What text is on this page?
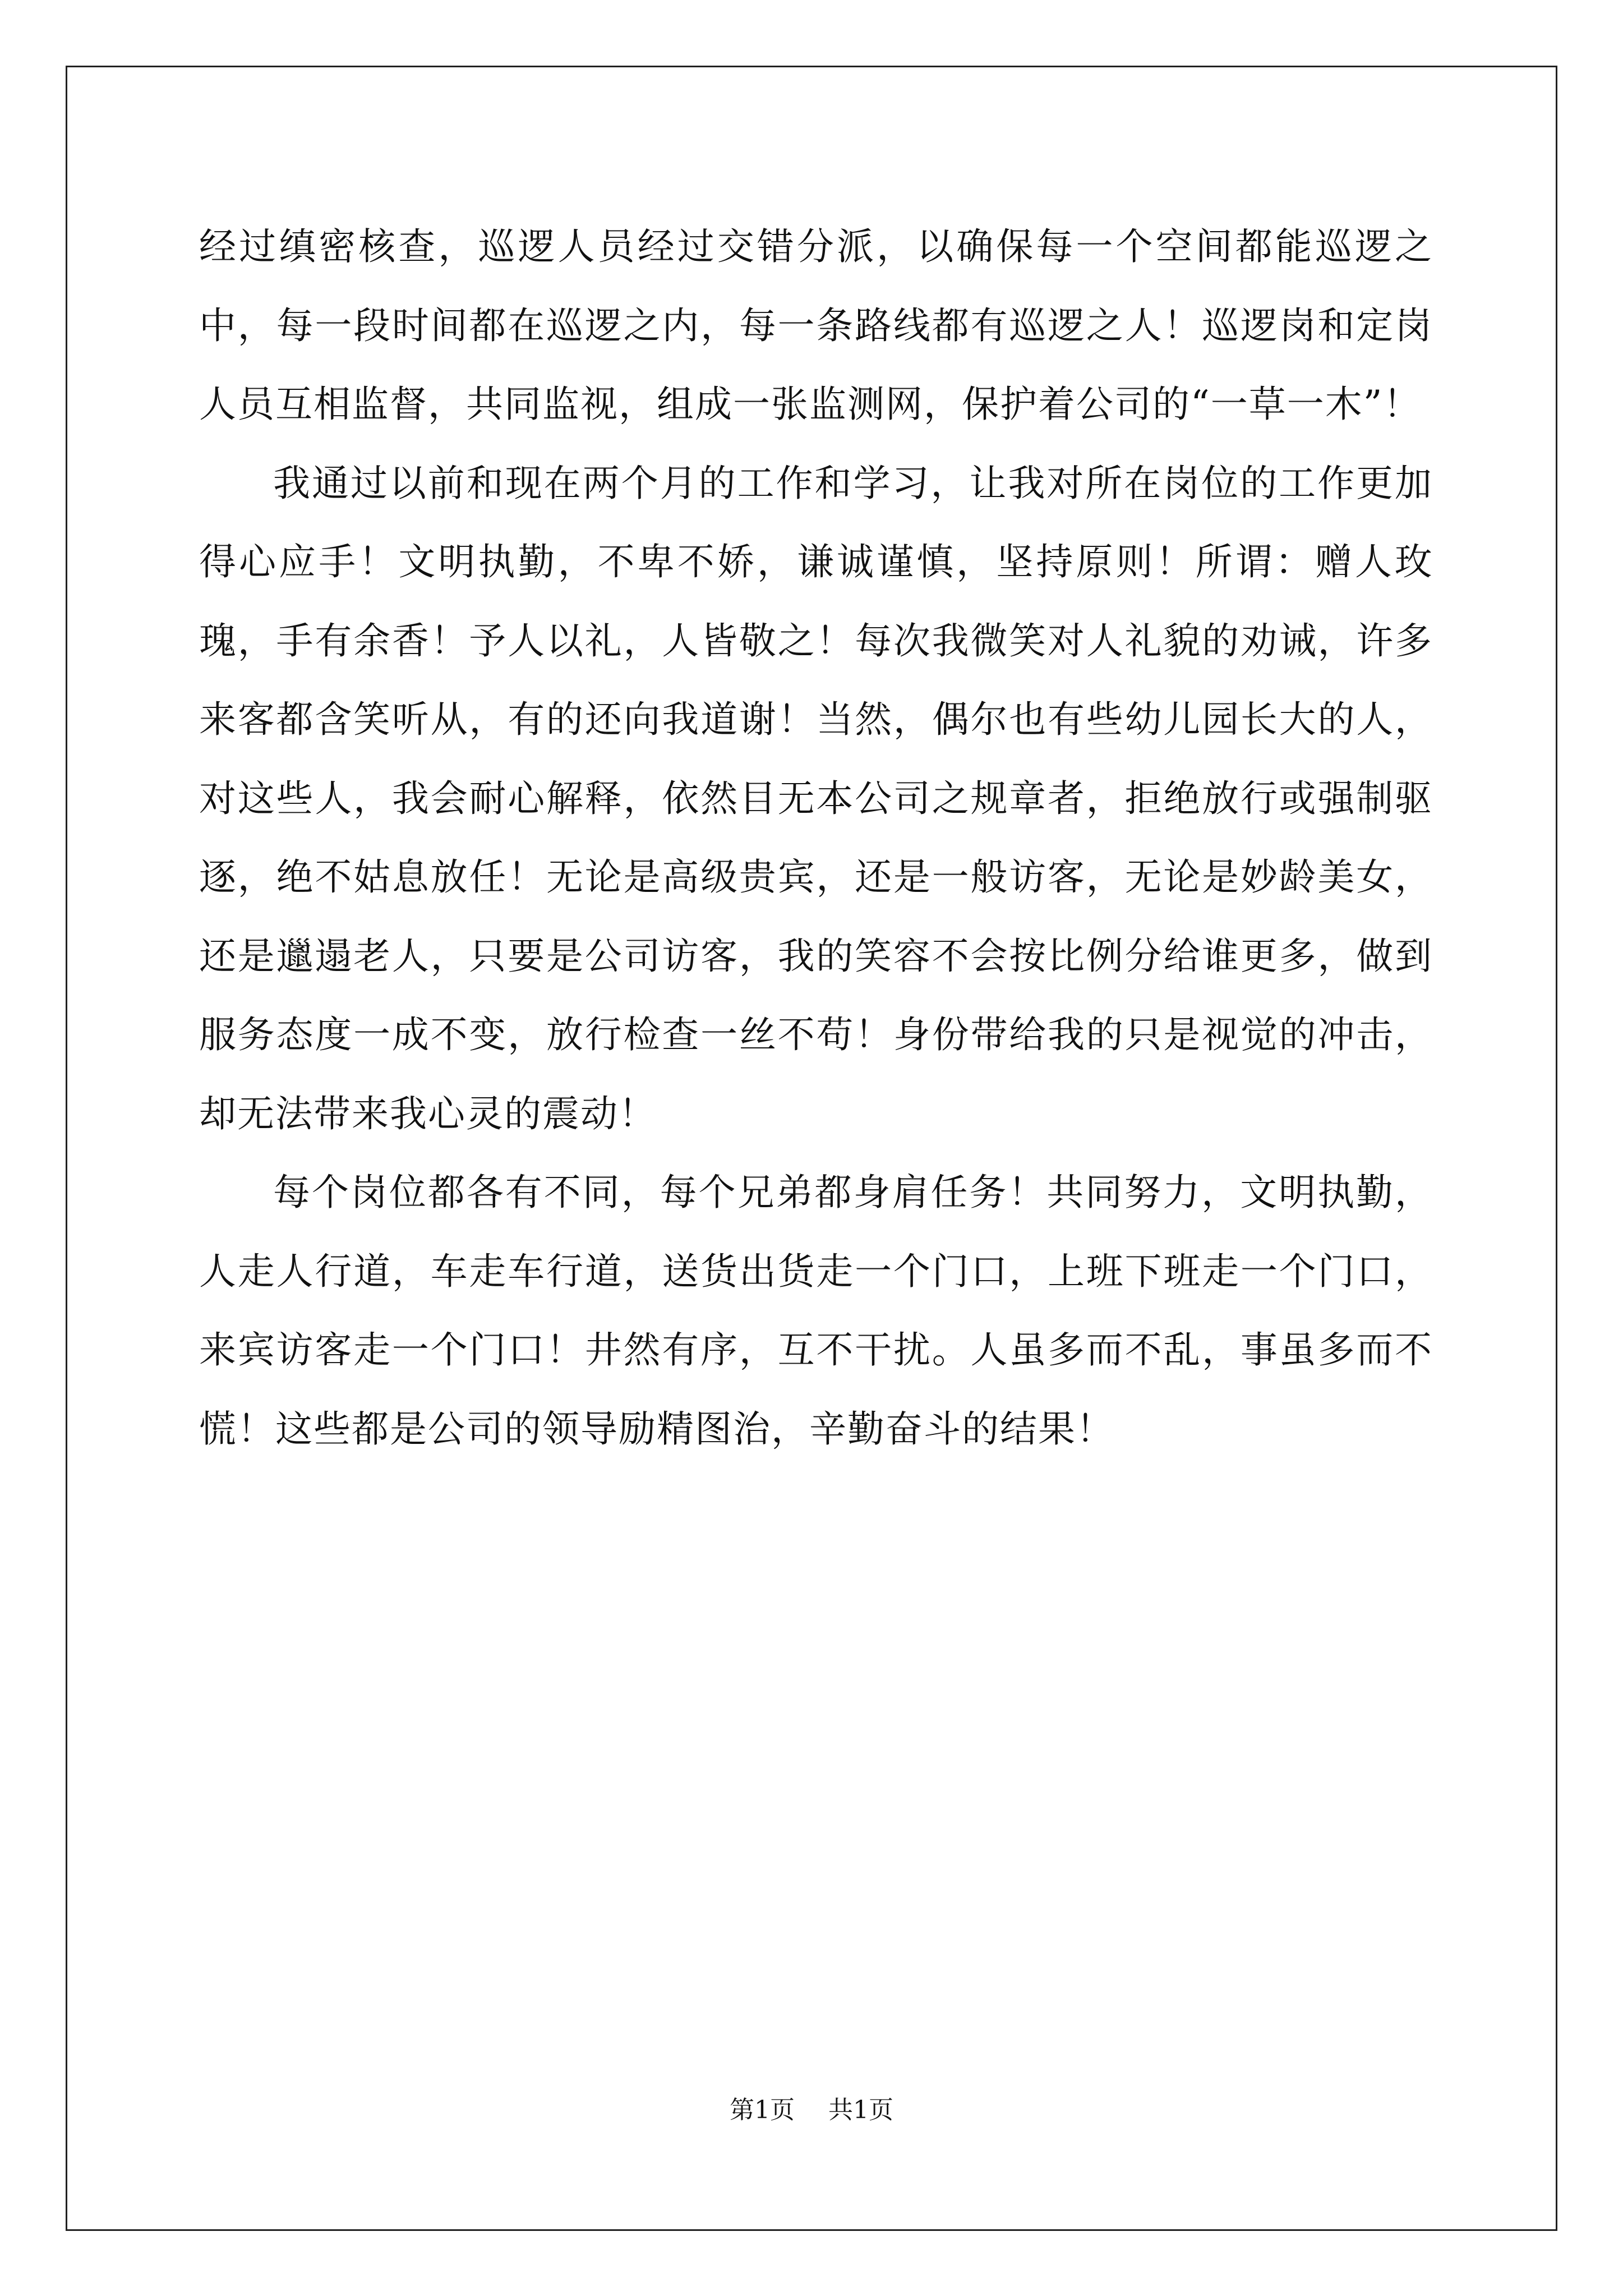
经过缜密核查，巡逻人员经过交错分派，以确保每一个空间都能巡逻之中，每一段时间都在巡逻之内，每一条路线都有巡逻之人！巡逻岗和定岗人员互相监督，共同监视，组成一张监测网，保护着公司的“一草一木”！

我通过以前和现在两个月的工作和学习，让我对所在岗位的工作更加得心应手！文明执勤，不卑不娇，谦诚谨慎，坚持原则！所谓：赠人玫瑰，手有余香！予人以礼，人皆敬之！每次我微笑对人礼貌的劝诫，许多来客都含笑听从，有的还向我道谢！当然，偶尔也有些幼儿园长大的人，对这些人，我会耐心解释，依然目无本公司之规章者，拒绝放行或强制驱逐，绝不姑息放任！无论是高级贵宾，还是一般访客，无论是妙龄美女，还是邋遢老人，只要是公司访客，我的笑容不会按比例分给谁更多，做到服务态度一成不变，放行检查一丝不苟！身份带给我的只是视觉的冲击，却无法带来我心灵的震动！

每个岗位都各有不同，每个兄弟都身肩任务！共同努力，文明执勤，人走人行道，车走车行道，送货出货走一个门口，上班下班走一个门口，来宾访客走一个门口！井然有序，互不干扰。人虽多而不乱，事虽多而不慌！这些都是公司的领导励精图治，辛勤奋斗的结果！

第1页 共1页
